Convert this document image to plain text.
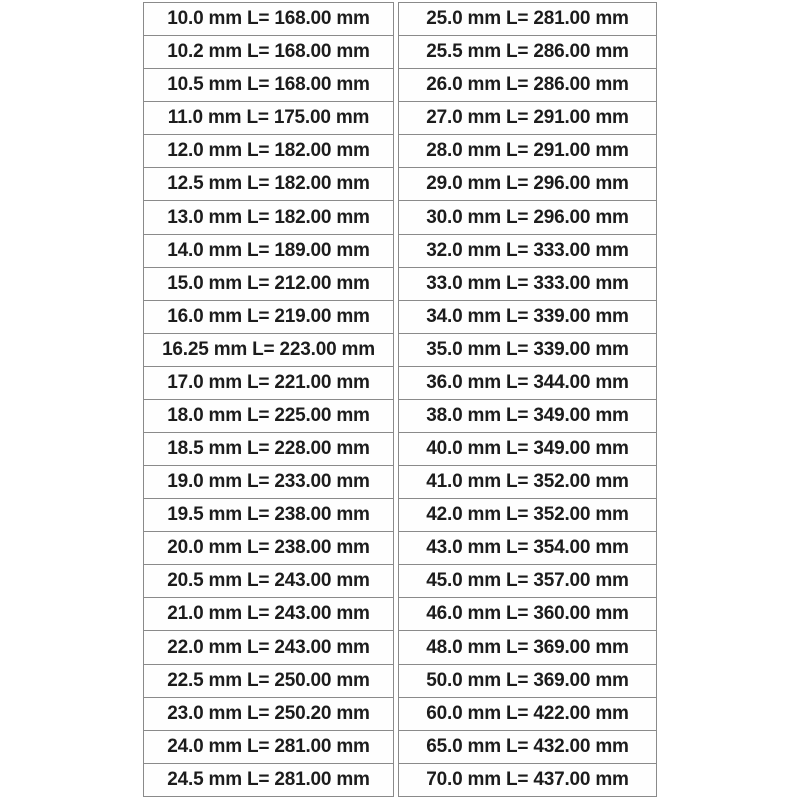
10.0 mm L= 168.00 mm
10.2 mm L= 168.00 mm
10.5 mm L= 168.00 mm
11.0 mm L= 175.00 mm
12.0 mm L= 182.00 mm
12.5 mm L= 182.00 mm
13.0 mm L= 182.00 mm
14.0 mm L= 189.00 mm
15.0 mm L= 212.00 mm
16.0 mm L= 219.00 mm
16.25 mm L= 223.00 mm
17.0 mm L= 221.00 mm
18.0 mm L= 225.00 mm
18.5 mm L= 228.00 mm
19.0 mm L= 233.00 mm
19.5 mm L= 238.00 mm
20.0 mm L= 238.00 mm
20.5 mm L= 243.00 mm
21.0 mm L= 243.00 mm
22.0 mm L= 243.00 mm
22.5 mm L= 250.00 mm
23.0 mm L= 250.20 mm
24.0 mm L= 281.00 mm
24.5 mm L= 281.00 mm
25.0 mm L= 281.00 mm
25.5 mm L= 286.00 mm
26.0 mm L= 286.00 mm
27.0 mm L= 291.00 mm
28.0 mm L= 291.00 mm
29.0 mm L= 296.00 mm
30.0 mm L= 296.00 mm
32.0 mm L= 333.00 mm
33.0 mm L= 333.00 mm
34.0 mm L= 339.00 mm
35.0 mm L= 339.00 mm
36.0 mm L= 344.00 mm
38.0 mm L= 349.00 mm
40.0 mm L= 349.00 mm
41.0 mm L= 352.00 mm
42.0 mm L= 352.00 mm
43.0 mm L= 354.00 mm
45.0 mm L= 357.00 mm
46.0 mm L= 360.00 mm
48.0 mm L= 369.00 mm
50.0 mm L= 369.00 mm
60.0 mm L= 422.00 mm
65.0 mm L= 432.00 mm
70.0 mm L= 437.00 mm
